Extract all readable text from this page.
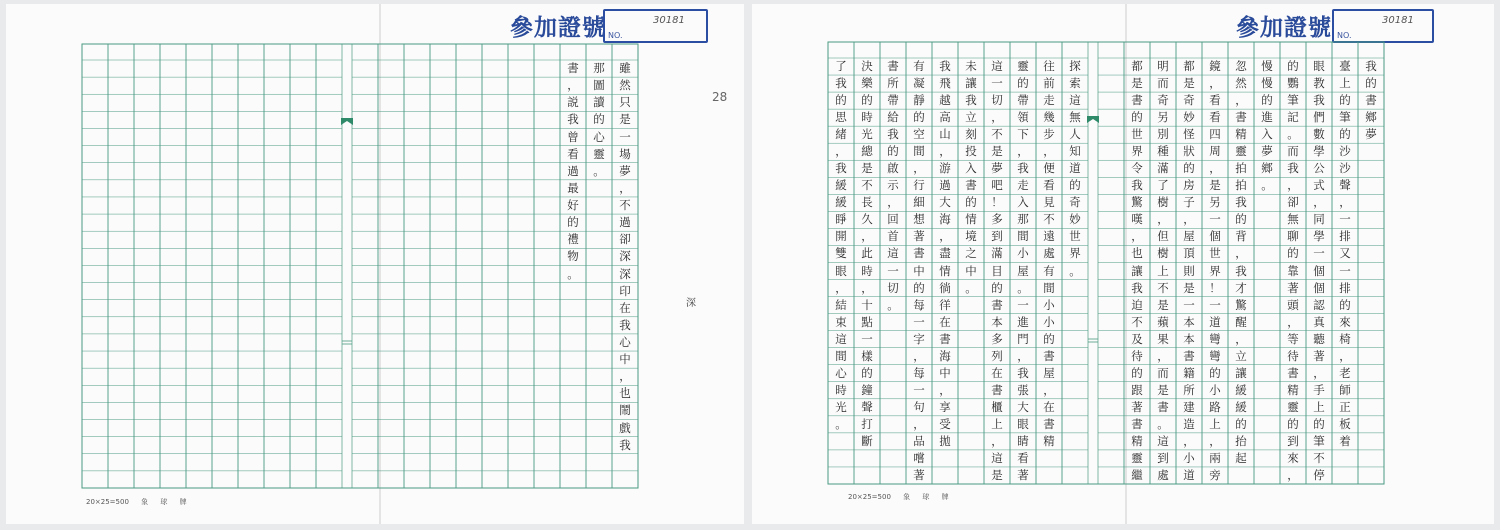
參加證號 NO.
30181
28
深
20×25=500 象 球 牌
書
，
説
我
曾
看
過
最
好
的
禮
物
。
那
圖
讀
的
心
靈
。
雖
然
只
是
一
場
夢
，
不
過
卻
深
深
印
在
我
心
中
，
也
鬧
戲
我
參加證號 NO.
30181
20×25=500 象 球 牌
了
我
的
思
緒
，
我
緩
緩
睜
開
雙
眼
，
結
束
這
間
心
時
光
。
決
樂
的
時
光
總
是
不
長
久
，
此
時
，
十
點
一
樣
的
鐘
聲
打
斷
書
所
帶
給
我
的
啟
示
，
回
首
這
一
切
。
有
凝
靜
的
空
間
，
行
細
想
著
書
中
的
每
一
字
，
每
一
句
，
品
嚐
著
我
飛
越
高
山
，
游
過
大
海
，
盡
情
徜
徉
在
書
海
中
，
享
受
拋
未
讓
我
立
刻
投
入
書
的
情
境
之
中
。
這
一
切
，
不
是
夢
吧
！
多
到
滿
目
的
書
本
多
列
在
書
櫃
上
，
這
是
靈
的
帶
領
下
，
我
走
入
那
間
小
屋
。
一
進
門
，
我
張
大
眼
睛
看
著
往
前
走
幾
步
，
便
看
見
不
遠
處
有
間
小
小
的
書
屋
，
在
書
精
探
索
這
無
人
知
道
的
奇
妙
世
界
。
都
是
書
的
世
界
令
我
驚
嘆
，
也
讓
我
迫
不
及
待
的
跟
著
書
精
靈
繼
明
而
奇
另
別
種
滿
了
樹
，
但
樹
上
不
是
蘋
果
，
而
是
書
。
這
到
處
都
是
奇
妙
怪
狀
的
房
子
，
屋
頂
則
是
一
本
本
書
籍
所
建
造
，
小
道
鏡
，
看
看
四
周
，
是
另
一
個
世
界
！
一
道
彎
彎
的
小
路
上
，
兩
旁
忽
然
，
書
精
靈
拍
拍
我
的
背
，
我
才
驚
醒
，
立
讓
緩
緩
的
抬
起
慢
慢
的
進
入
夢
鄉
。
的
鸚
筆
記
。
而
我
，
卻
無
聊
的
靠
著
頭
，
等
待
書
精
靈
的
到
來
，
眼
教
我
們
數
學
公
式
，
同
學
一
個
個
認
真
聽
著
，
手
上
的
筆
不
停
臺
上
的
筆
的
沙
沙
聲
，
一
排
又
一
排
的
來
椅
，
老
師
正
板
着
我
的
書
鄉
夢
